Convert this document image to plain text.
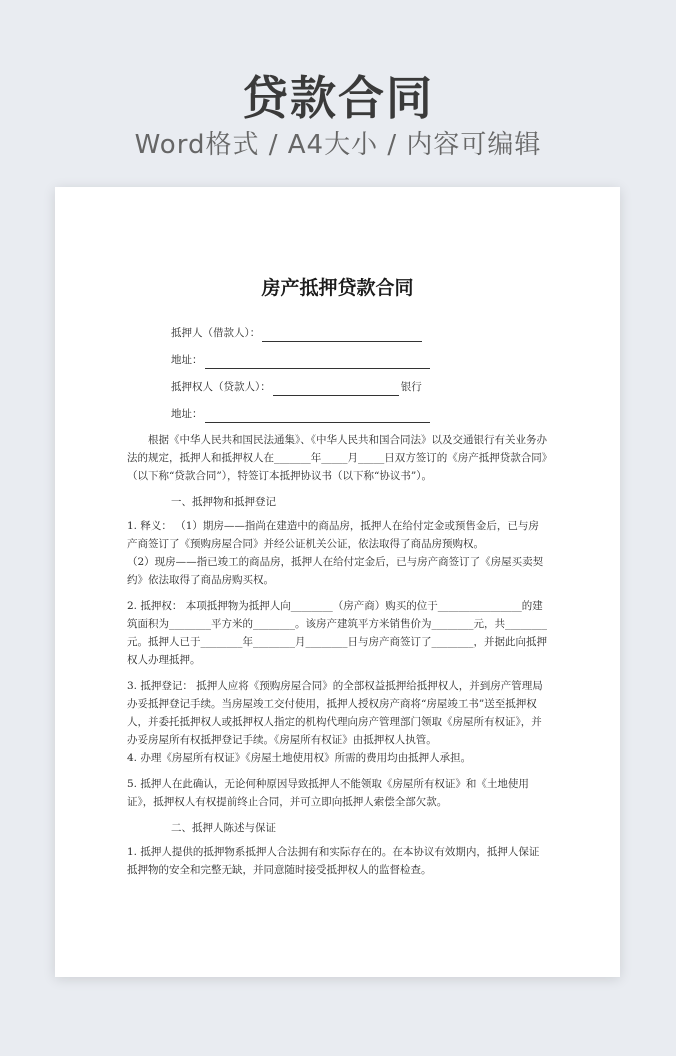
贷款合同
Word格式 / A4大小 / 内容可编辑
房产抵押贷款合同
抵押人（借款人）：
地址：
抵押权人（贷款人）：	银行
地址：

根据《中华人民共和国民法通集》、《中华人民共和国合同法》以及交通银行有关业务办法的规定，抵押人和抵押权人在_______年_____月_____日双方签订的《房产抵押贷款合同》（以下称“贷款合同”），特签订本抵押协议书（以下称“协议书”）。

一、抵押物和抵押登记

1. 释义： （1）期房——指尚在建造中的商品房，抵押人在给付定金或预售金后，已与房产商签订了《预购房屋合同》并经公证机关公证，依法取得了商品房预购权。

（2）现房——指已竣工的商品房，抵押人在给付定金后，已与房产商签订了《房屋买卖契约》依法取得了商品房购买权。

2. 抵押权： 本项抵押物为抵押人向________（房产商）购买的位于________________的建筑面积为________平方米的________。该房产建筑平方米销售价为________元，共________元。抵押人已于________年________月________日与房产商签订了________，并据此向抵押权人办理抵押。

3. 抵押登记： 抵押人应将《预购房屋合同》的全部权益抵押给抵押权人，并到房产管理局办妥抵押登记手续。当房屋竣工交付使用，抵押人授权房产商将“房屋竣工书”送至抵押权人，并委托抵押权人或抵押权人指定的机构代理向房产管理部门领取《房屋所有权证》，并办妥房屋所有权抵押登记手续。《房屋所有权证》由抵押权人执管。

4. 办理《房屋所有权证》《房屋土地使用权》所需的费用均由抵押人承担。

5. 抵押人在此确认，无论何种原因导致抵押人不能领取《房屋所有权证》和《土地使用证》，抵押权人有权提前终止合同，并可立即向抵押人索偿全部欠款。

二、抵押人陈述与保证

1. 抵押人提供的抵押物系抵押人合法拥有和实际存在的。在本协议有效期内，抵押人保证抵押物的安全和完整无缺，并同意随时接受抵押权人的监督检查。
